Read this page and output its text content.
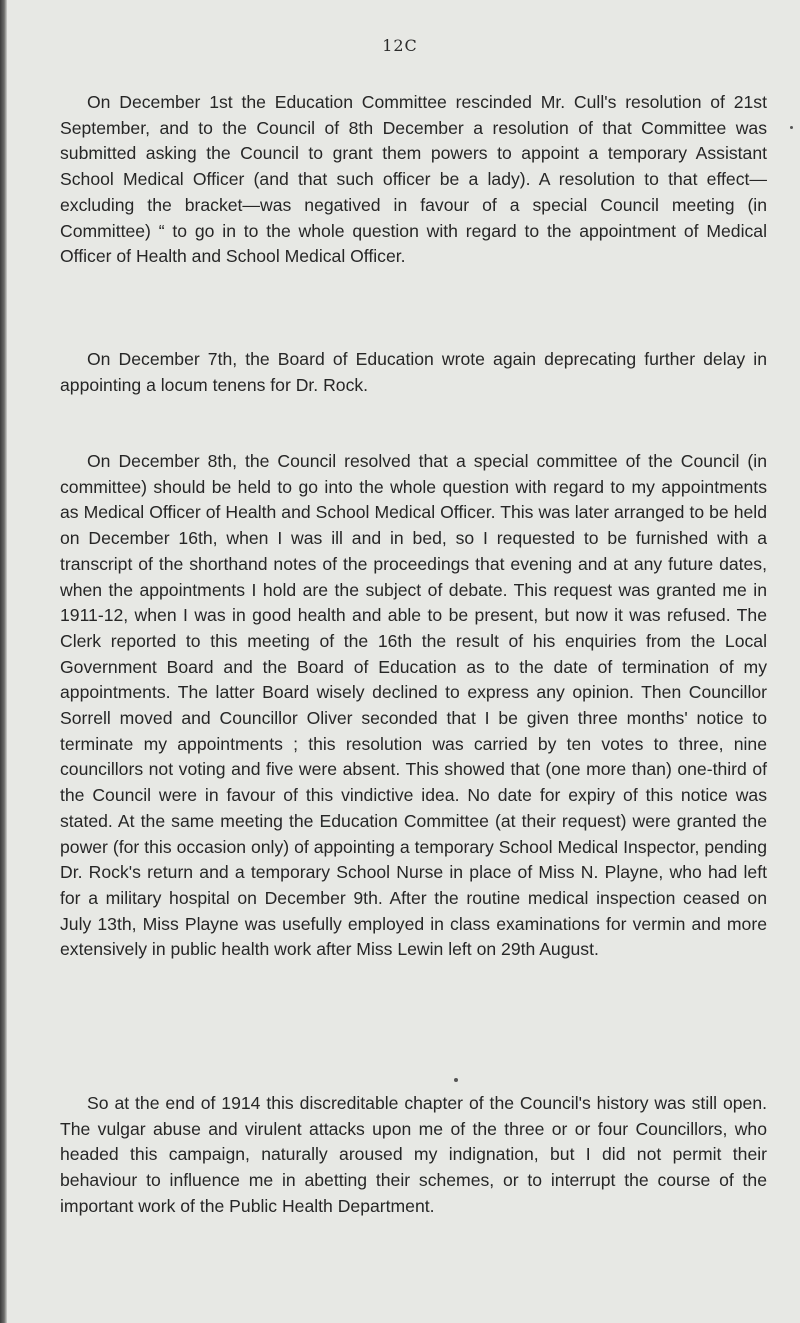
12C

On December 1st the Education Committee rescinded Mr. Cull's resolution of 21st September, and to the Council of 8th December a resolution of that Committee was submitted asking the Council to grant them powers to appoint a temporary Assistant School Medical Officer (and that such officer be a lady). A resolution to that effect—excluding the bracket—was negatived in favour of a special Council meeting (in Committee) “ to go in to the whole question with regard to the appointment of Medical Officer of Health and School Medical Officer.

On December 7th, the Board of Education wrote again deprecating further delay in appointing a locum tenens for Dr. Rock.

On December 8th, the Council resolved that a special committee of the Council (in committee) should be held to go into the whole question with regard to my appointments as Medical Officer of Health and School Medical Officer. This was later arranged to be held on December 16th, when I was ill and in bed, so I requested to be furnished with a transcript of the shorthand notes of the proceedings that evening and at any future dates, when the appointments I hold are the subject of debate. This request was granted me in 1911-12, when I was in good health and able to be present, but now it was refused. The Clerk reported to this meeting of the 16th the result of his enquiries from the Local Government Board and the Board of Education as to the date of termination of my appointments. The latter Board wisely declined to express any opinion. Then Councillor Sorrell moved and Councillor Oliver seconded that I be given three months' notice to terminate my appointments ; this resolution was carried by ten votes to three, nine councillors not voting and five were absent. This showed that (one more than) one-third of the Council were in favour of this vindictive idea. No date for expiry of this notice was stated. At the same meeting the Education Committee (at their request) were granted the power (for this occasion only) of appointing a temporary School Medical Inspector, pending Dr. Rock's return and a temporary School Nurse in place of Miss N. Playne, who had left for a military hospital on December 9th. After the routine medical inspection ceased on July 13th, Miss Playne was usefully employed in class examinations for vermin and more extensively in public health work after Miss Lewin left on 29th August.

So at the end of 1914 this discreditable chapter of the Council's history was still open. The vulgar abuse and virulent attacks upon me of the three or or four Councillors, who headed this campaign, naturally aroused my indignation, but I did not permit their behaviour to influence me in abetting their schemes, or to interrupt the course of the important work of the Public Health Department.
